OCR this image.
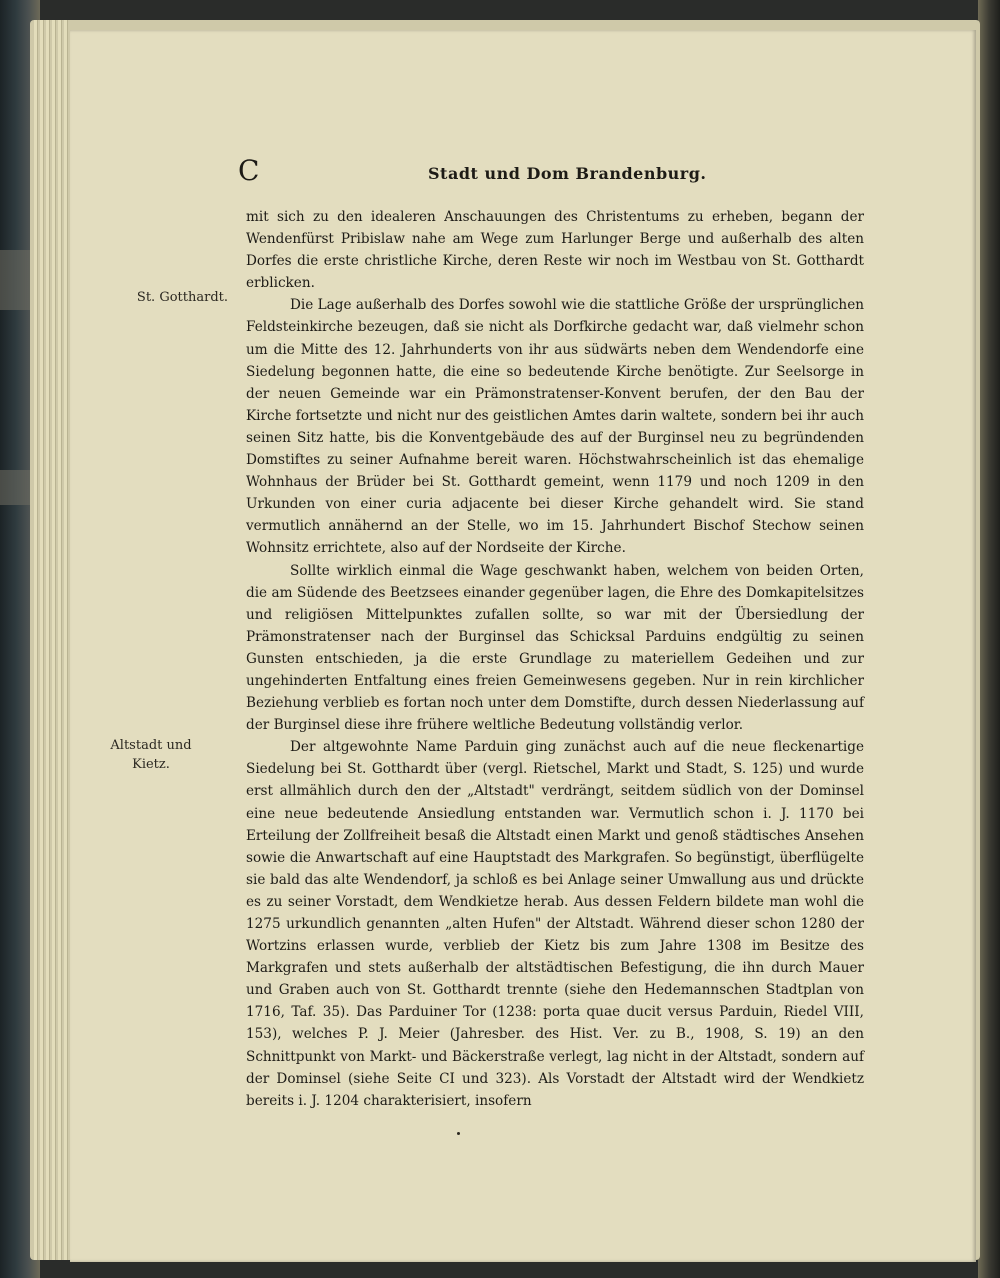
C	Stadt und Dom Brandenburg.
St. Gotthardt.
Altstadt und
Kietz.

mit sich zu den idealeren Anschauungen des Christentums zu erheben, begann der Wendenfürst Pribislaw nahe am Wege zum Harlunger Berge und außerhalb des alten Dorfes die erste christliche Kirche, deren Reste wir noch im Westbau von St. Gotthardt erblicken.

Die Lage außerhalb des Dorfes sowohl wie die stattliche Größe der ursprünglichen Feldsteinkirche bezeugen, daß sie nicht als Dorfkirche gedacht war, daß vielmehr schon um die Mitte des 12. Jahrhunderts von ihr aus südwärts neben dem Wendendorfe eine Siedelung begonnen hatte, die eine so bedeutende Kirche benötigte. Zur Seelsorge in der neuen Gemeinde war ein Prämonstratenser-Konvent berufen, der den Bau der Kirche fortsetzte und nicht nur des geistlichen Amtes darin waltete, sondern bei ihr auch seinen Sitz hatte, bis die Konventgebäude des auf der Burginsel neu zu begründenden Domstiftes zu seiner Aufnahme bereit waren. Höchstwahrscheinlich ist das ehemalige Wohnhaus der Brüder bei St. Gotthardt gemeint, wenn 1179 und noch 1209 in den Urkunden von einer curia adjacente bei dieser Kirche gehandelt wird. Sie stand vermutlich annähernd an der Stelle, wo im 15. Jahrhundert Bischof Stechow seinen Wohnsitz errichtete, also auf der Nordseite der Kirche.

Sollte wirklich einmal die Wage geschwankt haben, welchem von beiden Orten, die am Südende des Beetzsees einander gegenüber lagen, die Ehre des Domkapitelsitzes und religiösen Mittelpunktes zufallen sollte, so war mit der Übersiedlung der Prämonstratenser nach der Burginsel das Schicksal Parduins endgültig zu seinen Gunsten entschieden, ja die erste Grundlage zu materiellem Gedeihen und zur ungehinderten Entfaltung eines freien Gemeinwesens gegeben. Nur in rein kirchlicher Beziehung verblieb es fortan noch unter dem Domstifte, durch dessen Niederlassung auf der Burginsel diese ihre frühere weltliche Bedeutung vollständig verlor.

Der altgewohnte Name Parduin ging zunächst auch auf die neue fleckenartige Siedelung bei St. Gotthardt über (vergl. Rietschel, Markt und Stadt, S. 125) und wurde erst allmählich durch den der „Altstadt" verdrängt, seitdem südlich von der Dominsel eine neue bedeutende Ansiedlung entstanden war. Vermutlich schon i. J. 1170 bei Erteilung der Zollfreiheit besaß die Altstadt einen Markt und genoß städtisches Ansehen sowie die Anwartschaft auf eine Hauptstadt des Markgrafen. So begünstigt, überflügelte sie bald das alte Wendendorf, ja schloß es bei Anlage seiner Umwallung aus und drückte es zu seiner Vorstadt, dem Wendkietze herab. Aus dessen Feldern bildete man wohl die 1275 urkundlich genannten „alten Hufen" der Altstadt. Während dieser schon 1280 der Wortzins erlassen wurde, verblieb der Kietz bis zum Jahre 1308 im Besitze des Markgrafen und stets außerhalb der altstädtischen Befestigung, die ihn durch Mauer und Graben auch von St. Gotthardt trennte (siehe den Hedemannschen Stadtplan von 1716, Taf. 35). Das Parduiner Tor (1238: porta quae ducit versus Parduin, Riedel VIII, 153), welches P. J. Meier (Jahresber. des Hist. Ver. zu B., 1908, S. 19) an den Schnittpunkt von Markt- und Bäckerstraße verlegt, lag nicht in der Altstadt, sondern auf der Dominsel (siehe Seite CI und 323). Als Vorstadt der Altstadt wird der Wendkietz bereits i. J. 1204 charakterisiert, insofern
